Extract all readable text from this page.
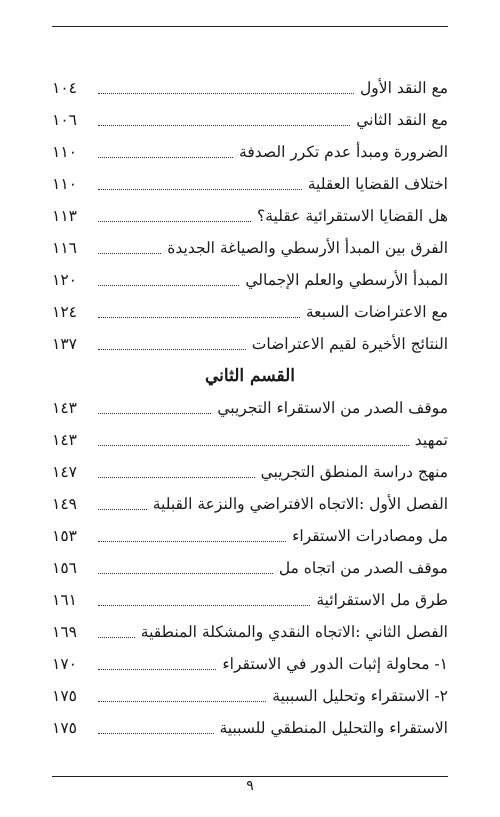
مع النقد الأول
١٠٤
مع النقد الثاني
١٠٦
الضرورة ومبدأ عدم تكرر الصدفة
١١٠
اختلاف القضايا العقلية
١١٠
هل القضايا الاستقرائية عقلية؟
١١٣
الفرق بين المبدأ الأرسطي والصياغة الجديدة
١١٦
المبدأ الأرسطي والعلم الإجمالي
١٢٠
مع الاعتراضات السبعة
١٢٤
النتائج الأخيرة لقيم الاعتراضات
١٣٧
القسم الثاني
موقف الصدر من الاستقراء التجريبي
١٤٣
تمهيد
١٤٣
منهج دراسة المنطق التجريبي
١٤٧
الفصل الأول :الاتجاه الافتراضي والنزعة القبلية
١٤٩
مل ومصادرات الاستقراء
١٥٣
موقف الصدر من اتجاه مل
١٥٦
طرق مل الاستقرائية
١٦١
الفصل الثاني :الاتجاه النقدي والمشكلة المنطقية
١٦٩
١- محاولة إثبات الدور في الاستقراء
١٧٠
٢- الاستقراء وتحليل السببية
١٧٥
الاستقراء والتحليل المنطقي للسببية
١٧٥
٩
